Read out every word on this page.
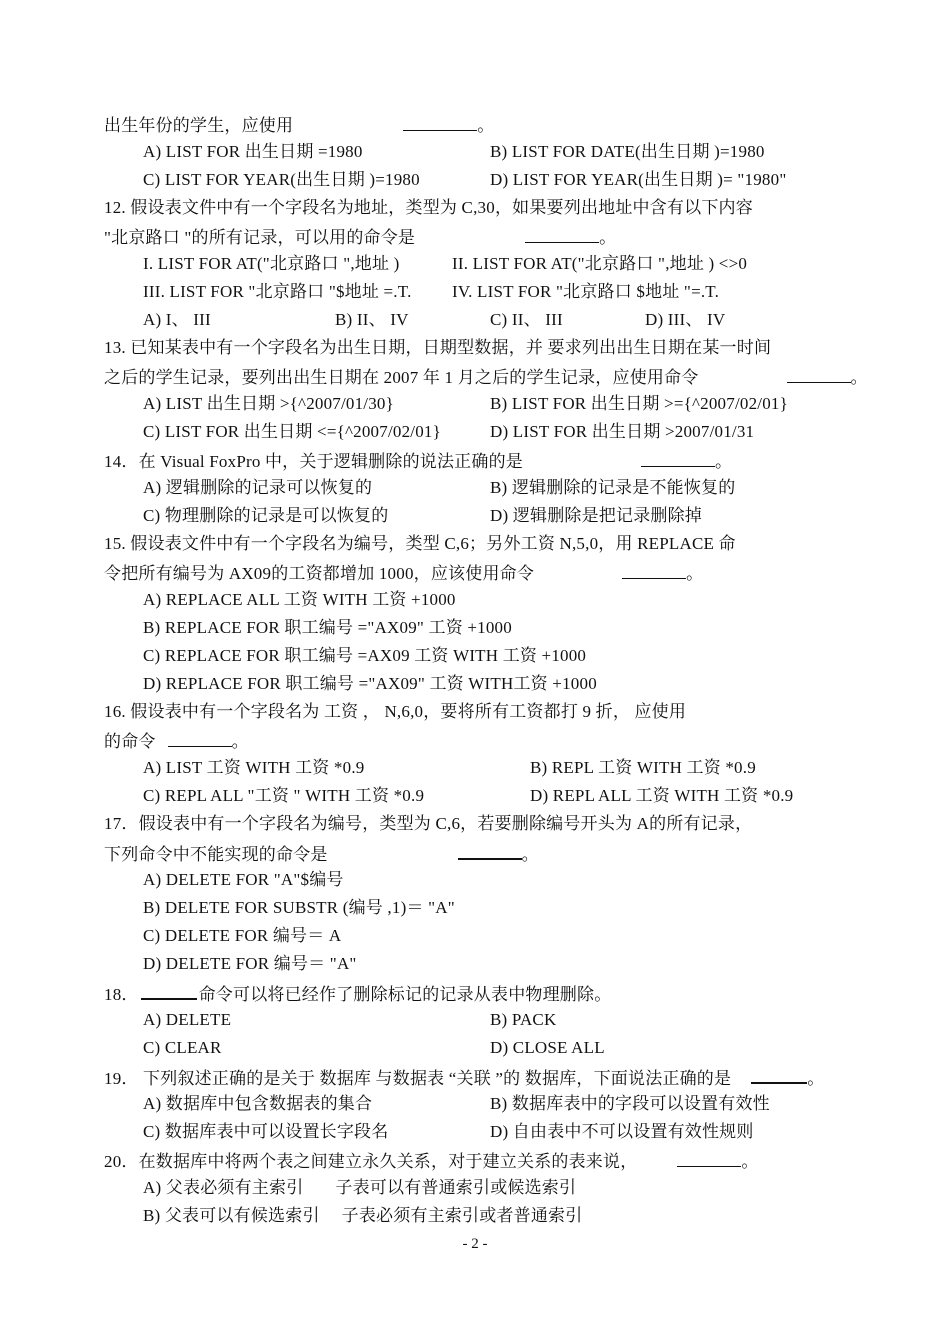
出生年份的学生，应使用	。
A) LIST FOR 出生日期 =1980	B) LIST FOR DATE(出生日期 )=1980
C) LIST FOR YEAR(出生日期 )=1980	D) LIST FOR YEAR(出生日期 )= "1980"
12. 假设表文件中有一个字段名为地址，类型为 C,30，如果要列出地址中含有以下内容
"北京路口 "的所有记录，可以用的命令是	。
I. LIST FOR AT("北京路口 ",地址 )	II. LIST FOR AT("北京路口 ",地址 ) <>0
III. LIST FOR "北京路口 "$地址 =.T. IV. LIST FOR "北京路口 $地址 "=.T.
A) I、 III	B) II、 IV	C) II、 III	D) III、 IV
13. 已知某表中有一个字段名为出生日期，日期型数据，并 要求列出出生日期在某一时间
之后的学生记录，要列出出生日期在 2007 年 1 月之后的学生记录，应使用命令	。
A) LIST 出生日期 >{^2007/01/30}	B) LIST FOR 出生日期 >={^2007/02/01}
C) LIST FOR 出生日期 <={^2007/02/01}	D) LIST FOR 出生日期 >2007/01/31
14．在 Visual FoxPro 中，关于逻辑删除的说法正确的是	。
A) 逻辑删除的记录可以恢复的	B) 逻辑删除的记录是不能恢复的
C) 物理删除的记录是可以恢复的	D) 逻辑删除是把记录删除掉
15. 假设表文件中有一个字段名为编号，类型 C,6；另外工资 N,5,0，用 REPLACE 命
令把所有编号为 AX09的工资都增加 1000，应该使用命令	。
A) REPLACE ALL 工资 WITH 工资 +1000
B) REPLACE FOR 职工编号 ="AX09" 工资 +1000
C) REPLACE FOR 职工编号 =AX09 工资 WITH 工资 +1000
D) REPLACE FOR 职工编号 ="AX09" 工资 WITH工资 +1000
16. 假设表中有一个字段名为 工资 ， N,6,0，要将所有工资都打 9 折， 应使用
的命令	。
A) LIST 工资 WITH 工资 *0.9	B) REPL 工资 WITH 工资 *0.9
C) REPL ALL "工资 " WITH 工资 *0.9	D) REPL ALL 工资 WITH 工资 *0.9
17．假设表中有一个字段名为编号，类型为 C,6，若要删除编号开头为 A的所有记录，
下列命令中不能实现的命令是	。
A) DELETE FOR "A"$编号
B) DELETE FOR SUBSTR (编号 ,1)＝ "A"
C) DELETE FOR 编号＝ A
D) DELETE FOR 编号＝ "A"
18．	命令可以将已经作了删除标记的记录从表中物理删除。
A) DELETE	B) PACK
C) CLEAR	D) CLOSE ALL
19． 下列叙述正确的是关于 数据库 与数据表 “关联 ”的 数据库，下面说法正确的是	。
A) 数据库中包含数据表的集合	B) 数据库表中的字段可以设置有效性
C) 数据库表中可以设置长字段名	D) 自由表中不可以设置有效性规则
20．在数据库中将两个表之间建立永久关系，对于建立关系的表来说，	。
A) 父表必须有主索引 子表可以有普通索引或候选索引
B) 父表可以有候选索引 子表必须有主索引或者普通索引
- 2 -
